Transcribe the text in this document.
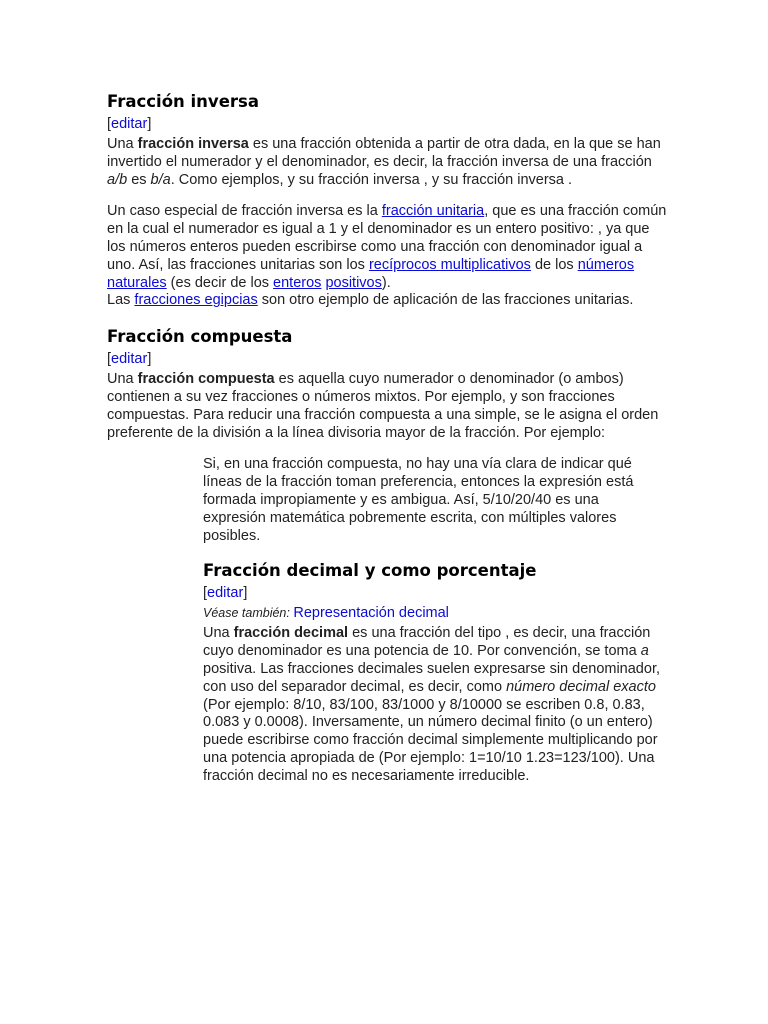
Fracción inversa
[editar]

Una fracción inversa es una fracción obtenida a partir de otra dada, en la que se han invertido el numerador y el denominador, es decir, la fracción inversa de una fracción a/b es b/a. Como ejemplos, y su fracción inversa , y su fracción inversa .

Un caso especial de fracción inversa es la fracción unitaria, que es una fracción común en la cual el numerador es igual a 1 y el denominador es un entero positivo: , ya que los números enteros pueden escribirse como una fracción con denominador igual a uno. Así, las fracciones unitarias son los recíprocos multiplicativos de los números naturales (es decir de los enteros positivos).
Las fracciones egipcias son otro ejemplo de aplicación de las fracciones unitarias.

Fracción compuesta
[editar]

Una fracción compuesta es aquella cuyo numerador o denominador (o ambos) contienen a su vez fracciones o números mixtos. Por ejemplo, y son fracciones compuestas. Para reducir una fracción compuesta a una simple, se le asigna el orden preferente de la división a la línea divisoria mayor de la fracción. Por ejemplo:

Si, en una fracción compuesta, no hay una vía clara de indicar qué líneas de la fracción toman preferencia, entonces la expresión está formada impropiamente y es ambigua. Así, 5/10/20/40 es una expresión matemática pobremente escrita, con múltiples valores posibles.

Fracción decimal y como porcentaje
[editar]
Véase también: Representación decimal

Una fracción decimal es una fracción del tipo , es decir, una fracción cuyo denominador es una potencia de 10. Por convención, se toma a positiva. Las fracciones decimales suelen expresarse sin denominador, con uso del separador decimal, es decir, como número decimal exacto (Por ejemplo: 8/10, 83/100, 83/1000 y 8/10000 se escriben 0.8, 0.83, 0.083 y 0.0008). Inversamente, un número decimal finito (o un entero) puede escribirse como fracción decimal simplemente multiplicando por una potencia apropiada de (Por ejemplo: 1=10/10 1.23=123/100). Una fracción decimal no es necesariamente irreducible.
